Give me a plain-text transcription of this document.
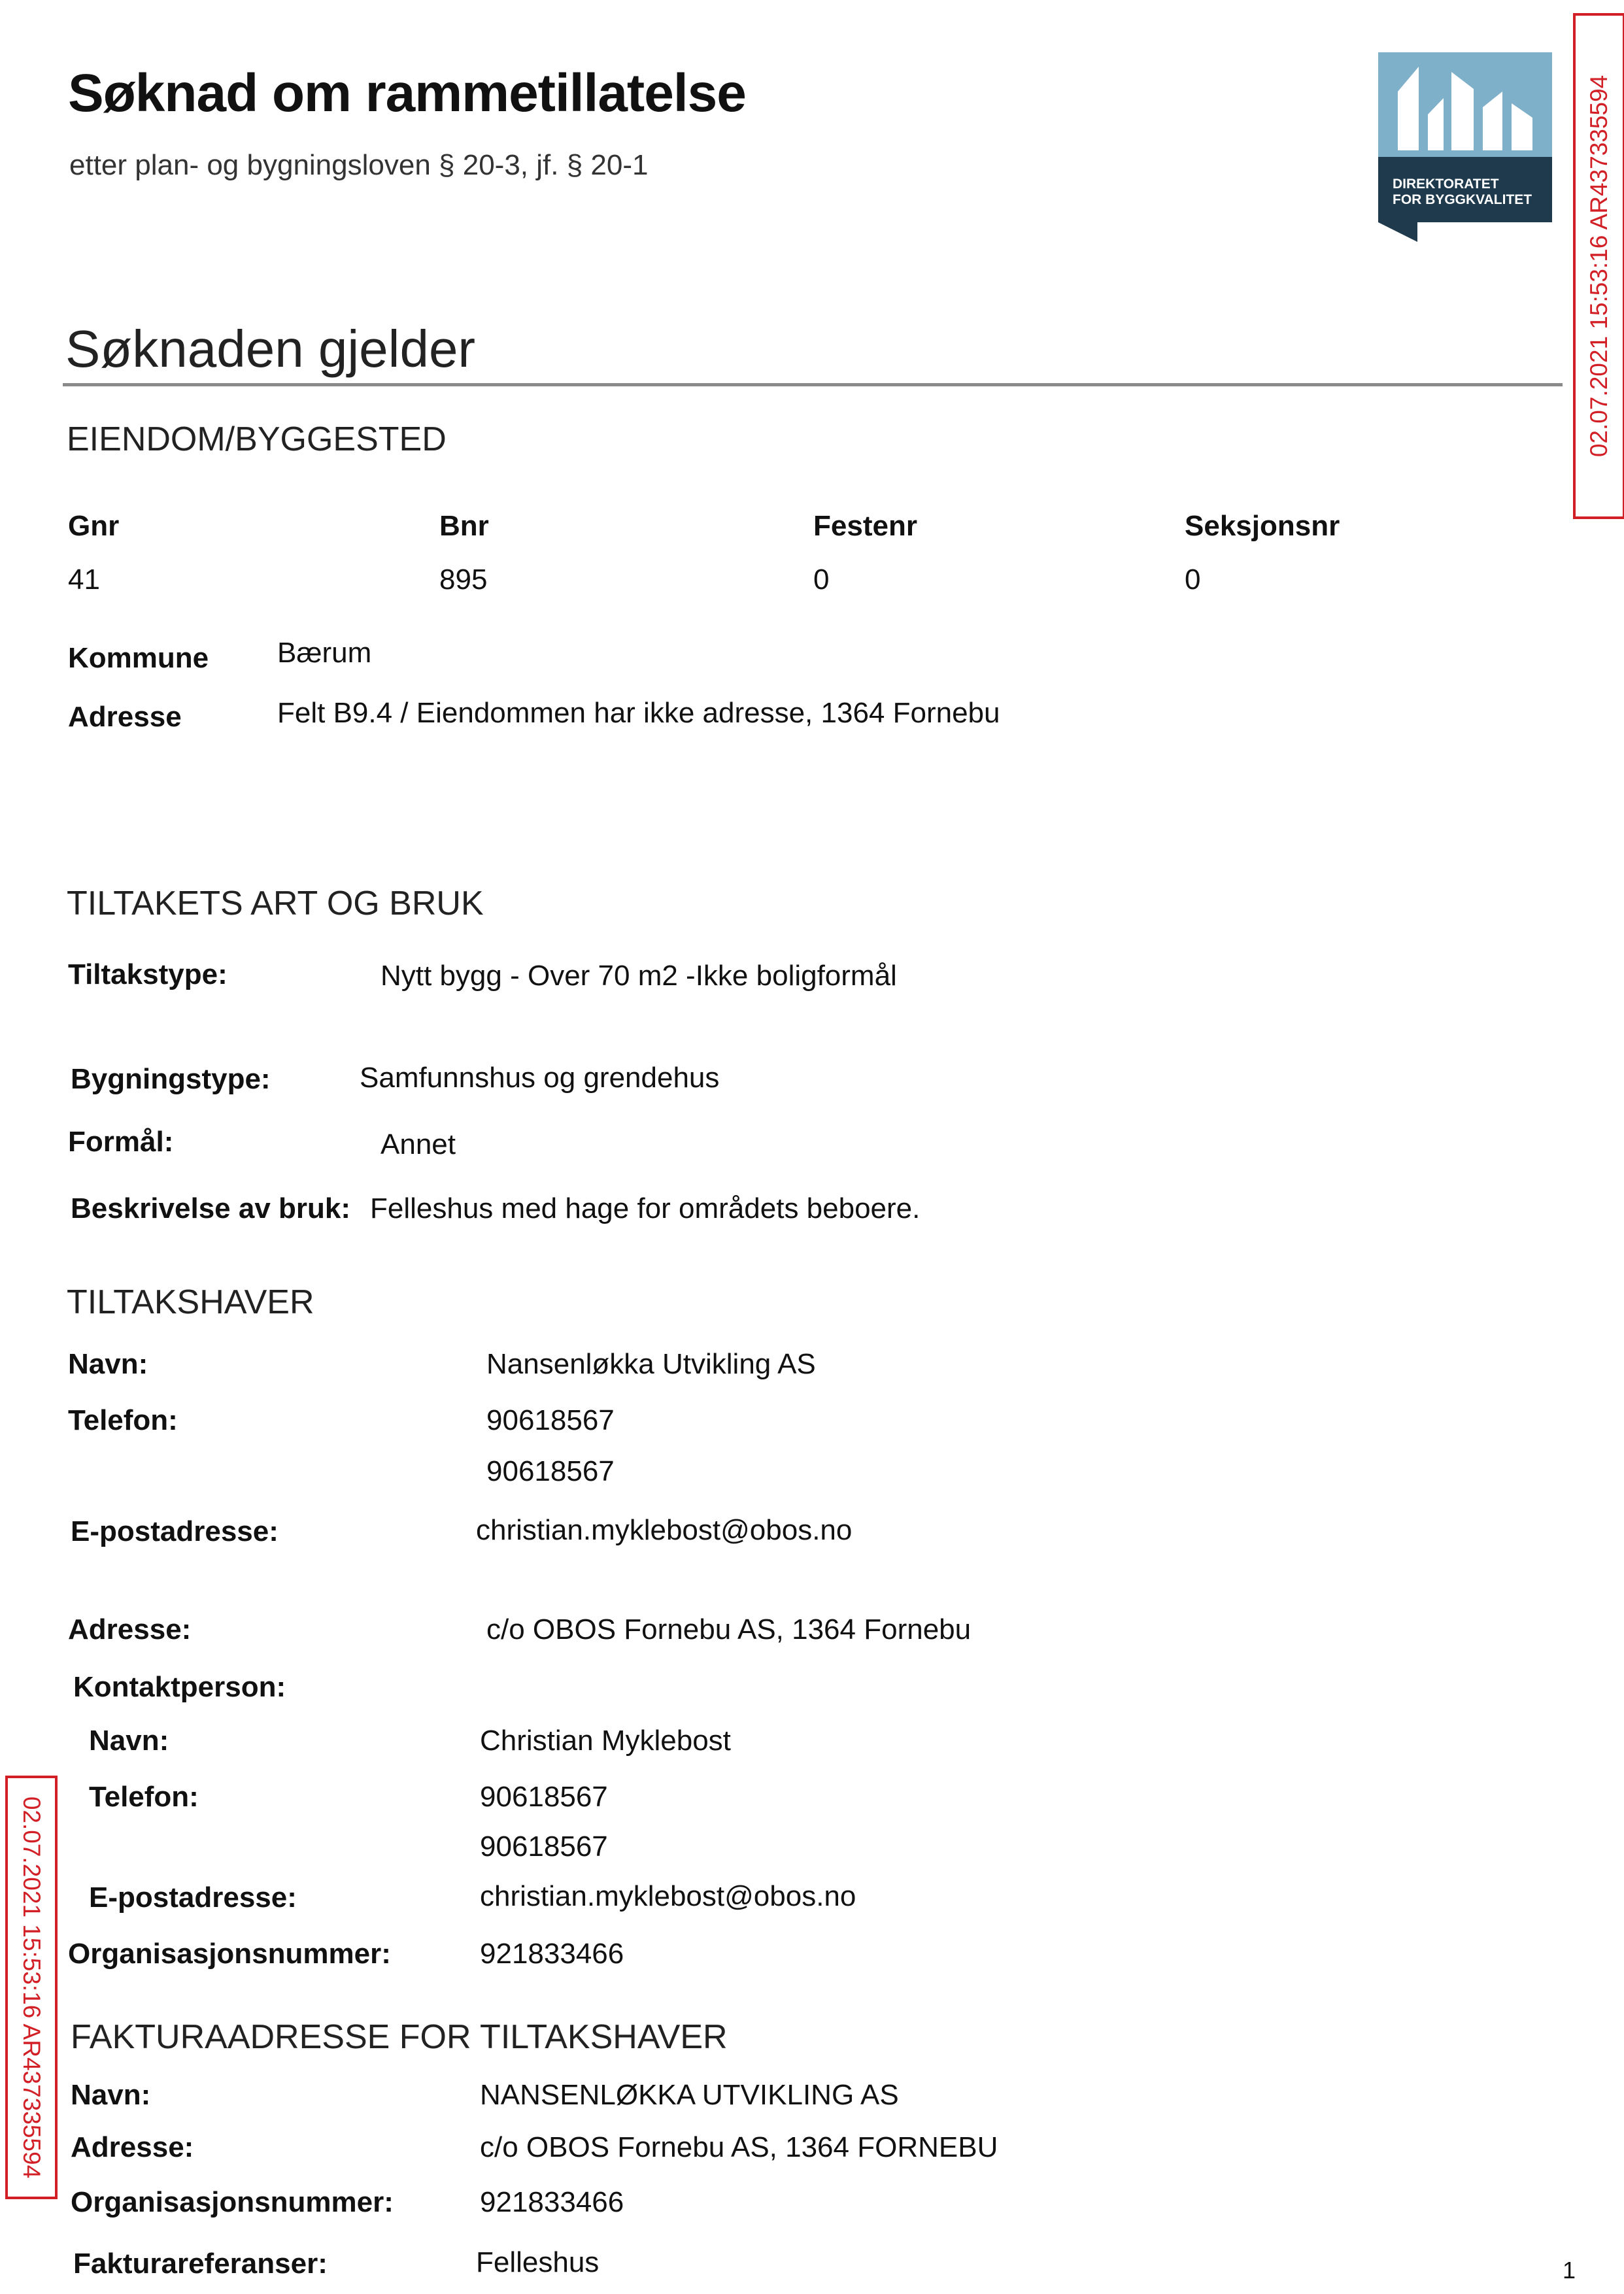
Søknad om rammetillatelse
etter plan- og bygningsloven § 20-3, jf. § 20-1
DIREKTORATET
FOR BYGGKVALITET 02.07.2021 15:53:16 AR437335594
02.07.2021 15:53:16 AR437335594
Søknaden gjelder
EIENDOM/BYGGESTED
Gnr	Bnr	Festenr	Seksjonsnr
41	895	0	0
Kommune Bærum
Adresse	Felt B9.4 / Eiendommen har ikke adresse, 1364 Fornebu
TILTAKETS ART OG BRUK
Tiltakstype:	Nytt bygg - Over 70 m2 -Ikke boligformål
Bygningstype:	Samfunnshus og grendehus
Formål:	Annet
Beskrivelse av bruk: Felleshus med hage for områdets beboere.
TILTAKSHAVER
Navn:	Nansenløkka Utvikling AS
Telefon:	90618567
90618567
E-postadresse:	christian.myklebost@obos.no
Adresse:	c/o OBOS Fornebu AS, 1364 Fornebu
Kontaktperson:
Navn:	Christian Myklebost
Telefon:	90618567
90618567
E-postadresse:	christian.myklebost@obos.no
Organisasjonsnummer:	921833466
FAKTURAADRESSE FOR TILTAKSHAVER
Navn:	NANSENLØKKA UTVIKLING AS
Adresse:	c/o OBOS Fornebu AS, 1364 FORNEBU
Organisasjonsnummer:	921833466
Fakturareferanser:	Felleshus	1
